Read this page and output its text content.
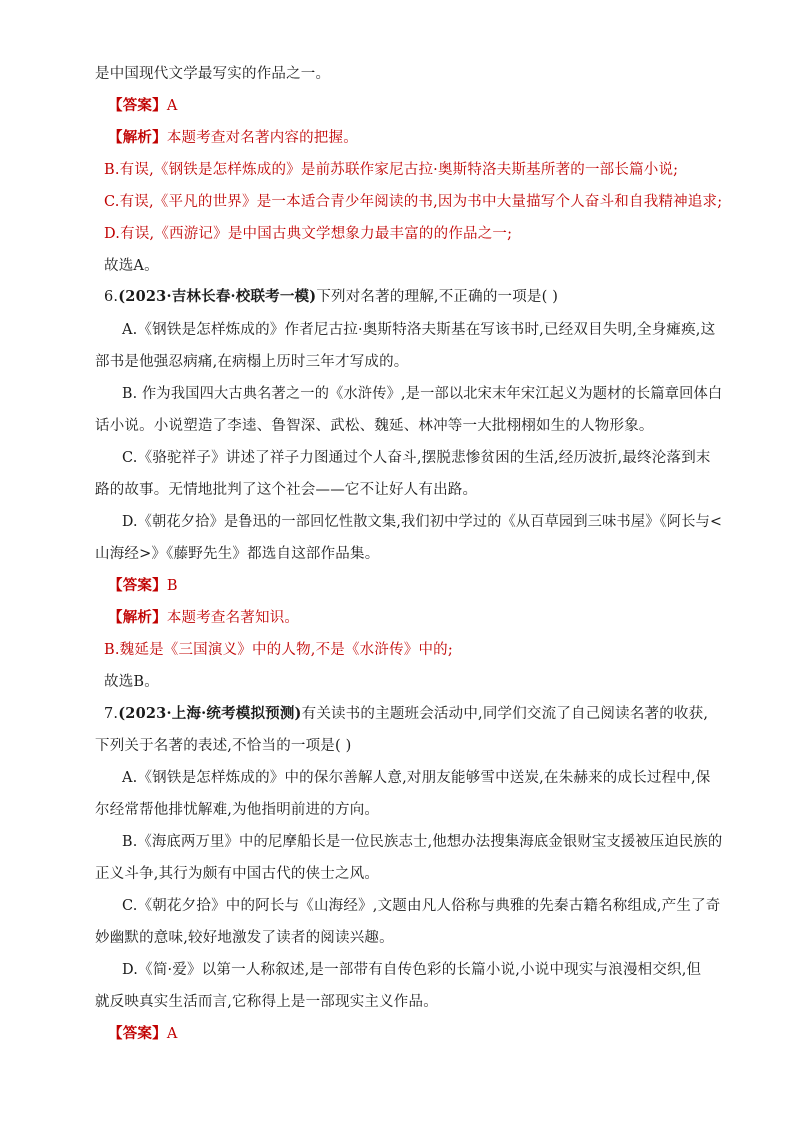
是中国现代文学最写实的作品之一。
【答案】A
【解析】本题考查对名著内容的把握。
B.有误,《钢铁是怎样炼成的》是前苏联作家尼古拉·奥斯特洛夫斯基所著的一部长篇小说;
C.有误,《平凡的世界》是一本适合青少年阅读的书,因为书中大量描写个人奋斗和自我精神追求;
D.有误,《西游记》是中国古典文学想象力最丰富的的作品之一;
故选A。
6.(2023·吉林长春·校联考一模)下列对名著的理解,不正确的一项是( )
A.《钢铁是怎样炼成的》作者尼古拉·奥斯特洛夫斯基在写该书时,已经双目失明,全身瘫痪,这
部书是他强忍病痛,在病榻上历时三年才写成的。
B. 作为我国四大古典名著之一的《水浒传》,是一部以北宋末年宋江起义为题材的长篇章回体白
话小说。小说塑造了李逵、鲁智深、武松、魏延、林冲等一大批栩栩如生的人物形象。
C.《骆驼祥子》讲述了祥子力图通过个人奋斗,摆脱悲惨贫困的生活,经历波折,最终沦落到末
路的故事。无情地批判了这个社会——它不让好人有出路。
D.《朝花夕拾》是鲁迅的一部回忆性散文集,我们初中学过的《从百草园到三味书屋》《阿长与<
山海经>》《藤野先生》都选自这部作品集。
【答案】B
【解析】本题考查名著知识。
B.魏延是《三国演义》中的人物,不是《水浒传》中的;
故选B。
7.(2023·上海·统考模拟预测)有关读书的主题班会活动中,同学们交流了自己阅读名著的收获,
下列关于名著的表述,不恰当的一项是( )
A.《钢铁是怎样炼成的》中的保尔善解人意,对朋友能够雪中送炭,在朱赫来的成长过程中,保
尔经常帮他排忧解难,为他指明前进的方向。
B.《海底两万里》中的尼摩船长是一位民族志士,他想办法搜集海底金银财宝支援被压迫民族的
正义斗争,其行为颇有中国古代的侠士之风。
C.《朝花夕拾》中的阿长与《山海经》,文题由凡人俗称与典雅的先秦古籍名称组成,产生了奇
妙幽默的意味,较好地激发了读者的阅读兴趣。
D.《简·爱》以第一人称叙述,是一部带有自传色彩的长篇小说,小说中现实与浪漫相交织,但
就反映真实生活而言,它称得上是一部现实主义作品。
【答案】A
